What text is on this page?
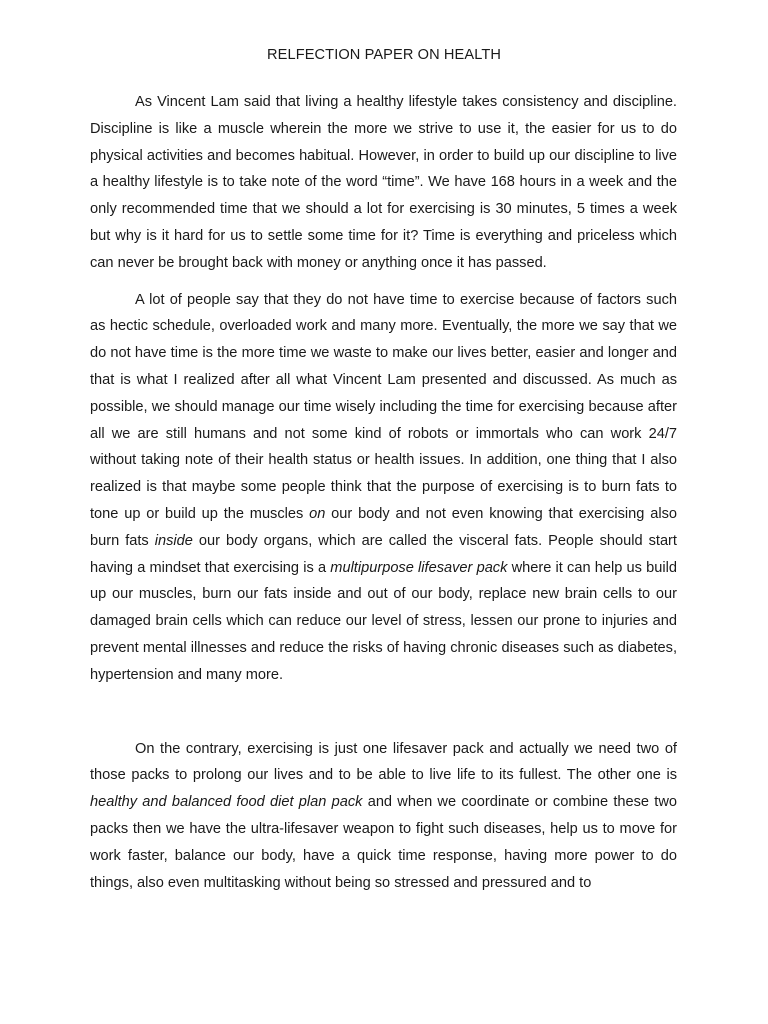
RELFECTION PAPER ON HEALTH

As Vincent Lam said that living a healthy lifestyle takes consistency and discipline. Discipline is like a muscle wherein the more we strive to use it, the easier for us to do physical activities and becomes habitual. However, in order to build up our discipline to live a healthy lifestyle is to take note of the word “time”. We have 168 hours in a week and the only recommended time that we should a lot for exercising is 30 minutes, 5 times a week but why is it hard for us to settle some time for it? Time is everything and priceless which can never be brought back with money or anything once it has passed.

A lot of people say that they do not have time to exercise because of factors such as hectic schedule, overloaded work and many more. Eventually, the more we say that we do not have time is the more time we waste to make our lives better, easier and longer and that is what I realized after all what Vincent Lam presented and discussed. As much as possible, we should manage our time wisely including the time for exercising because after all we are still humans and not some kind of robots or immortals who can work 24/7 without taking note of their health status or health issues. In addition, one thing that I also realized is that maybe some people think that the purpose of exercising is to burn fats to tone up or build up the muscles on our body and not even knowing that exercising also burn fats inside our body organs, which are called the visceral fats. People should start having a mindset that exercising is a multipurpose lifesaver pack where it can help us build up our muscles, burn our fats inside and out of our body, replace new brain cells to our damaged brain cells which can reduce our level of stress, lessen our prone to injuries and prevent mental illnesses and reduce the risks of having chronic diseases such as diabetes, hypertension and many more.

On the contrary, exercising is just one lifesaver pack and actually we need two of those packs to prolong our lives and to be able to live life to its fullest. The other one is healthy and balanced food diet plan pack and when we coordinate or combine these two packs then we have the ultra-lifesaver weapon to fight such diseases, help us to move for work faster, balance our body, have a quick time response, having more power to do things, also even multitasking without being so stressed and pressured and to
